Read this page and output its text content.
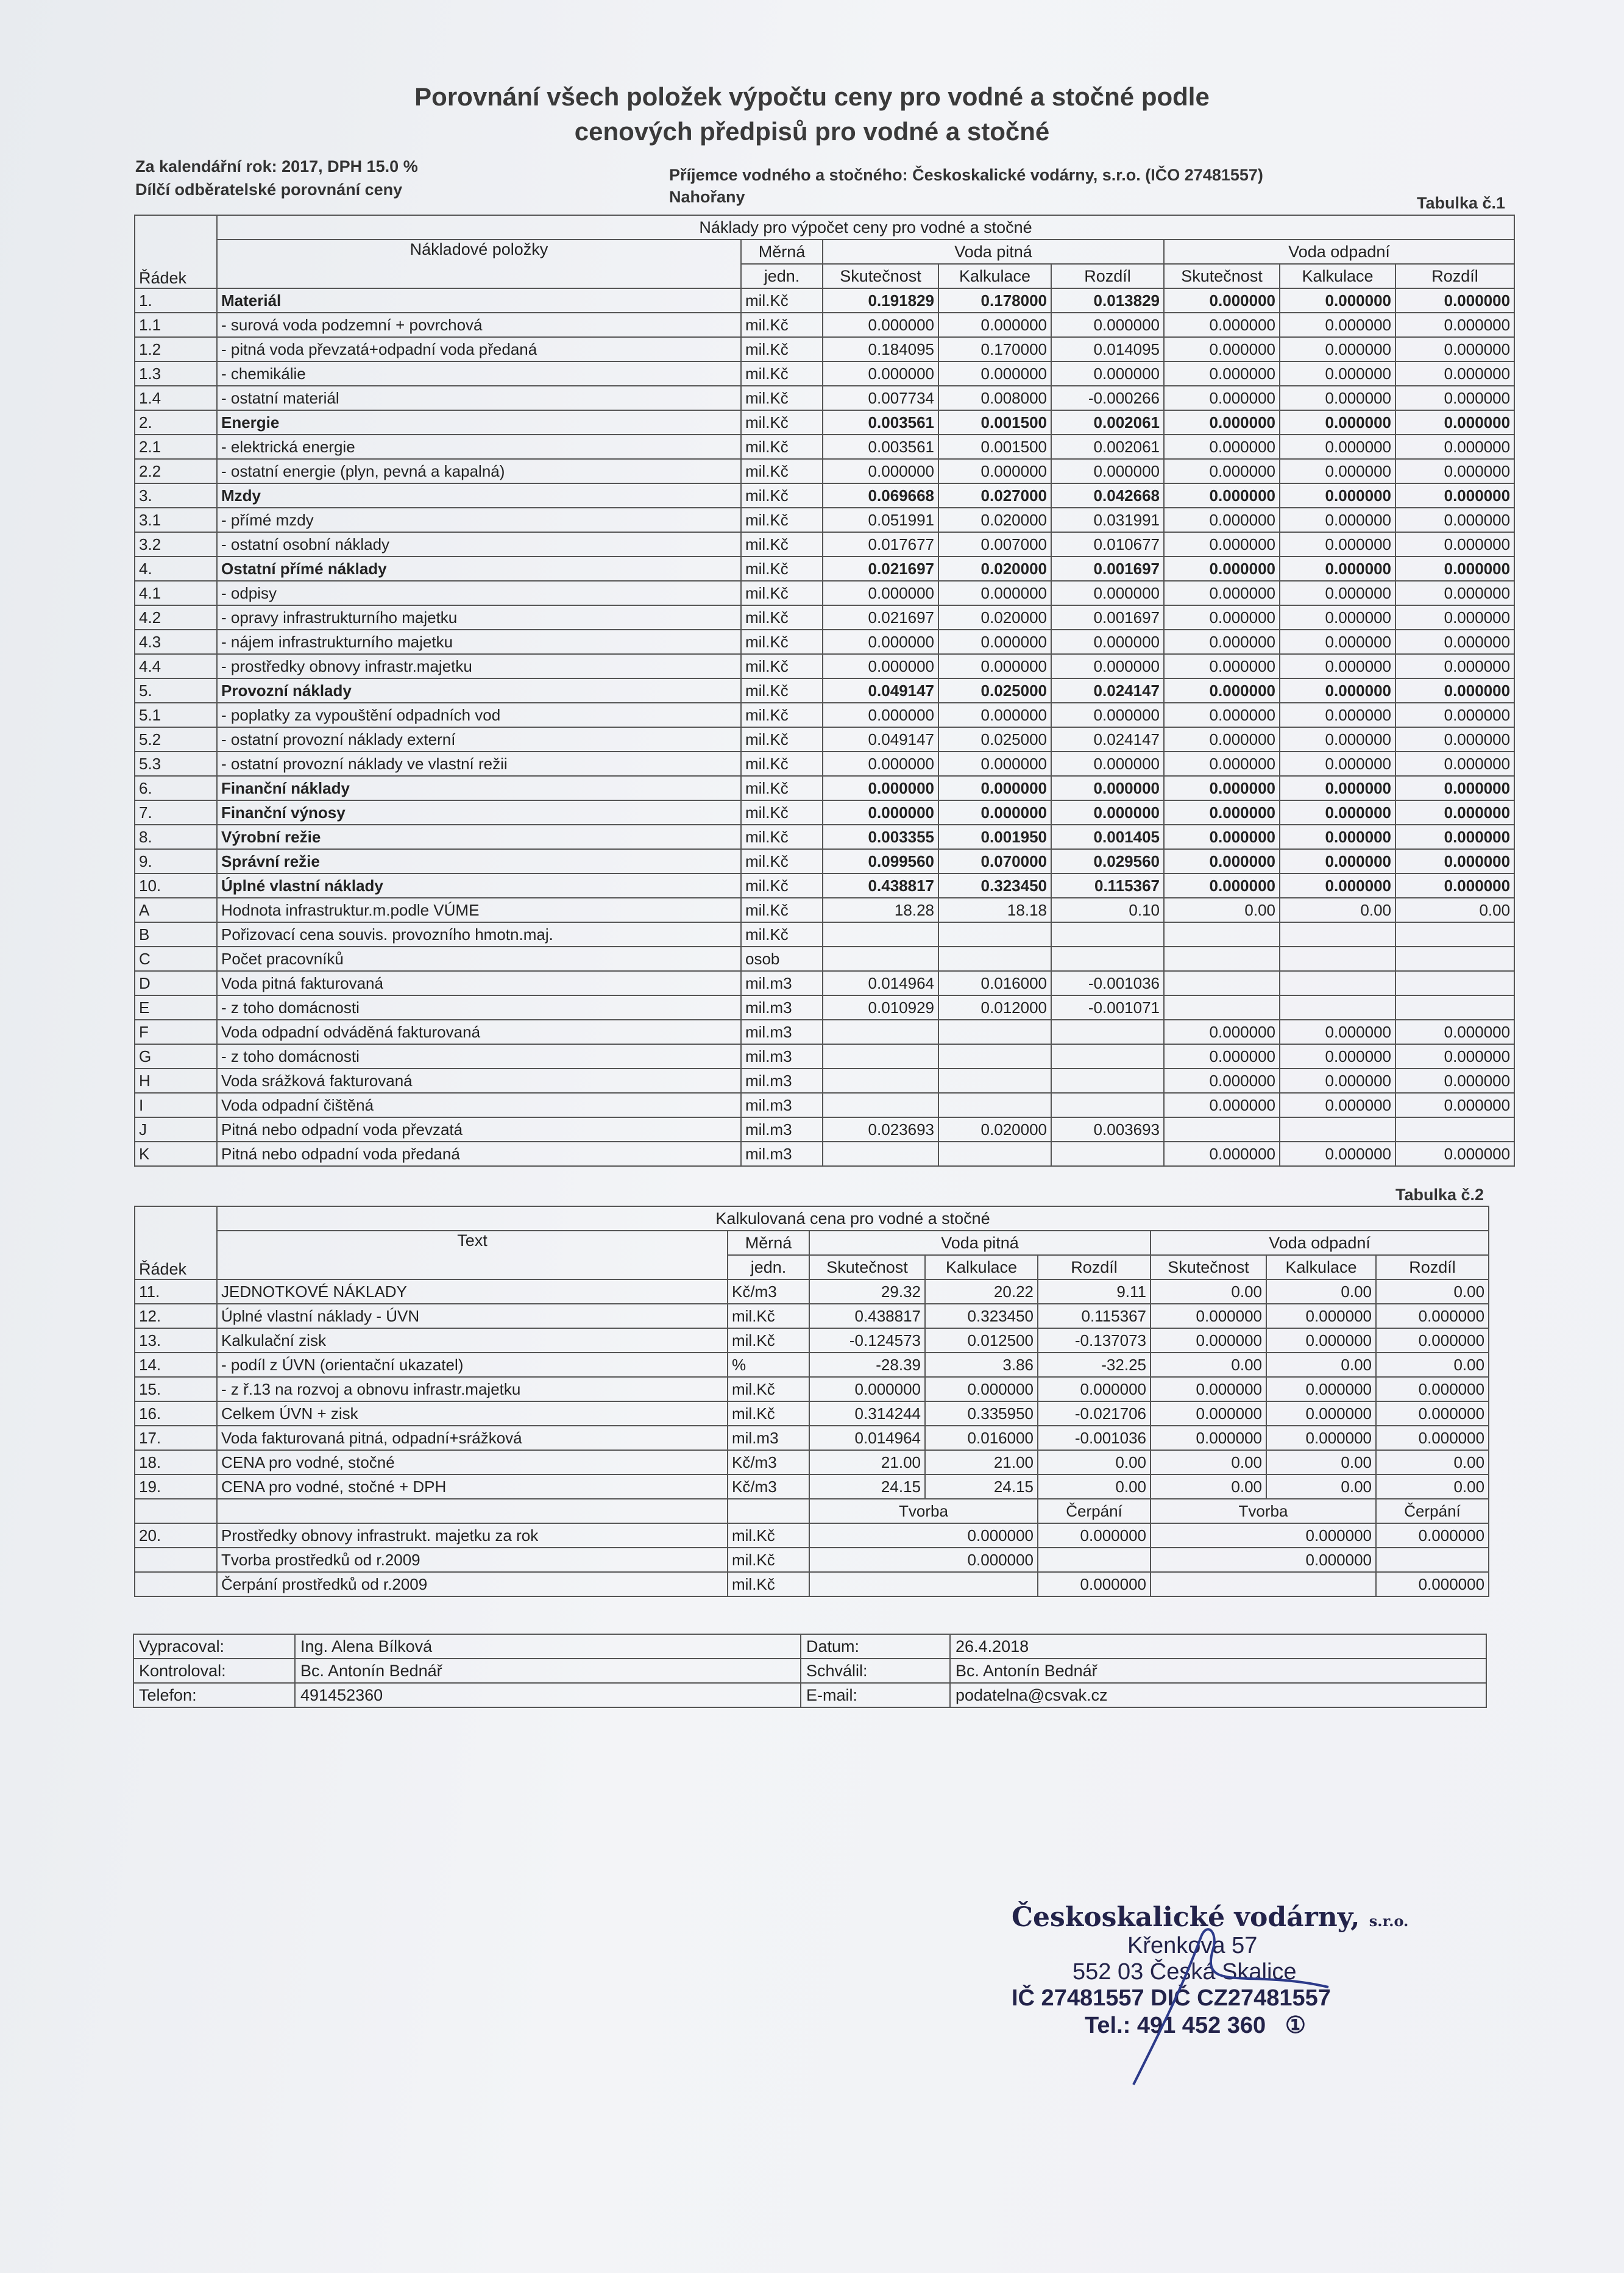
Porovnání všech položek výpočtu ceny pro vodné a stočné podle
cenových předpisů pro vodné a stočné
Za kalendářní rok: 2017, DPH 15.0 %
Dílčí odběratelské porovnání ceny
Příjemce vodného a stočného: Českoskalické vodárny, s.r.o. (IČO 27481557)
Nahořany	Tabulka č.1
Řádek	Náklady pro výpočet ceny pro vodné a stočné							
	Nákladové položky	Měrná	Voda pitná			Voda odpadní		
		jedn.	Skutečnost	Kalkulace	Rozdíl	Skutečnost	Kalkulace	Rozdíl
1.	Materiál	mil.Kč	0.191829	0.178000	0.013829	0.000000	0.000000	0.000000
1.1	- surová voda podzemní + povrchová	mil.Kč	0.000000	0.000000	0.000000	0.000000	0.000000	0.000000
1.2	- pitná voda převzatá+odpadní voda předaná	mil.Kč	0.184095	0.170000	0.014095	0.000000	0.000000	0.000000
1.3	- chemikálie	mil.Kč	0.000000	0.000000	0.000000	0.000000	0.000000	0.000000
1.4	- ostatní materiál	mil.Kč	0.007734	0.008000	-0.000266	0.000000	0.000000	0.000000
2.	Energie	mil.Kč	0.003561	0.001500	0.002061	0.000000	0.000000	0.000000
2.1	- elektrická energie	mil.Kč	0.003561	0.001500	0.002061	0.000000	0.000000	0.000000
2.2	- ostatní energie (plyn, pevná a kapalná)	mil.Kč	0.000000	0.000000	0.000000	0.000000	0.000000	0.000000
3.	Mzdy	mil.Kč	0.069668	0.027000	0.042668	0.000000	0.000000	0.000000
3.1	- přímé mzdy	mil.Kč	0.051991	0.020000	0.031991	0.000000	0.000000	0.000000
3.2	- ostatní osobní náklady	mil.Kč	0.017677	0.007000	0.010677	0.000000	0.000000	0.000000
4.	Ostatní přímé náklady	mil.Kč	0.021697	0.020000	0.001697	0.000000	0.000000	0.000000
4.1	- odpisy	mil.Kč	0.000000	0.000000	0.000000	0.000000	0.000000	0.000000
4.2	- opravy infrastrukturního majetku	mil.Kč	0.021697	0.020000	0.001697	0.000000	0.000000	0.000000
4.3	- nájem infrastrukturního majetku	mil.Kč	0.000000	0.000000	0.000000	0.000000	0.000000	0.000000
4.4	- prostředky obnovy infrastr.majetku	mil.Kč	0.000000	0.000000	0.000000	0.000000	0.000000	0.000000
5.	Provozní náklady	mil.Kč	0.049147	0.025000	0.024147	0.000000	0.000000	0.000000
5.1	- poplatky za vypouštění odpadních vod	mil.Kč	0.000000	0.000000	0.000000	0.000000	0.000000	0.000000
5.2	- ostatní provozní náklady externí	mil.Kč	0.049147	0.025000	0.024147	0.000000	0.000000	0.000000
5.3	- ostatní provozní náklady ve vlastní režii	mil.Kč	0.000000	0.000000	0.000000	0.000000	0.000000	0.000000
6.	Finanční náklady	mil.Kč	0.000000	0.000000	0.000000	0.000000	0.000000	0.000000
7.	Finanční výnosy	mil.Kč	0.000000	0.000000	0.000000	0.000000	0.000000	0.000000
8.	Výrobní režie	mil.Kč	0.003355	0.001950	0.001405	0.000000	0.000000	0.000000
9.	Správní režie	mil.Kč	0.099560	0.070000	0.029560	0.000000	0.000000	0.000000
10.	Úplné vlastní náklady	mil.Kč	0.438817	0.323450	0.115367	0.000000	0.000000	0.000000
A	Hodnota infrastruktur.m.podle VÚME	mil.Kč	18.28	18.18	0.10	0.00	0.00	0.00
B	Pořizovací cena souvis. provozního hmotn.maj.	mil.Kč						
C	Počet pracovníků	osob						
D	Voda pitná fakturovaná	mil.m3	0.014964	0.016000	-0.001036			
E	- z toho domácnosti	mil.m3	0.010929	0.012000	-0.001071			
F	Voda odpadní odváděná fakturovaná	mil.m3				0.000000	0.000000	0.000000
G	- z toho domácnosti	mil.m3				0.000000	0.000000	0.000000
H	Voda srážková fakturovaná	mil.m3				0.000000	0.000000	0.000000
I	Voda odpadní čištěná	mil.m3				0.000000	0.000000	0.000000
J	Pitná nebo odpadní voda převzatá	mil.m3	0.023693	0.020000	0.003693			
K	Pitná nebo odpadní voda předaná	mil.m3				0.000000	0.000000	0.000000
Tabulka č.2
Řádek	Kalkulovaná cena pro vodné a stočné							
	Text	Měrná	Voda pitná			Voda odpadní		
		jedn.	Skutečnost	Kalkulace	Rozdíl	Skutečnost	Kalkulace	Rozdíl
11.	JEDNOTKOVÉ NÁKLADY	Kč/m3	29.32	20.22	9.11	0.00	0.00	0.00
12.	Úplné vlastní náklady - ÚVN	mil.Kč	0.438817	0.323450	0.115367	0.000000	0.000000	0.000000
13.	Kalkulační zisk	mil.Kč	-0.124573	0.012500	-0.137073	0.000000	0.000000	0.000000
14.	- podíl z ÚVN (orientační ukazatel)	%	-28.39	3.86	-32.25	0.00	0.00	0.00
15.	- z ř.13 na rozvoj a obnovu infrastr.majetku	mil.Kč	0.000000	0.000000	0.000000	0.000000	0.000000	0.000000
16.	Celkem ÚVN + zisk	mil.Kč	0.314244	0.335950	-0.021706	0.000000	0.000000	0.000000
17.	Voda fakturovaná pitná, odpadní+srážková	mil.m3	0.014964	0.016000	-0.001036	0.000000	0.000000	0.000000
18.	CENA pro vodné, stočné	Kč/m3	21.00	21.00	0.00	0.00	0.00	0.00
19.	CENA pro vodné, stočné + DPH	Kč/m3	24.15	24.15	0.00	0.00	0.00	0.00
			Tvorba		Čerpání	Tvorba		Čerpání
20.	Prostředky obnovy infrastrukt. majetku za rok	mil.Kč	0.000000		0.000000	0.000000		0.000000
	Tvorba prostředků od r.2009	mil.Kč	0.000000			0.000000		
	Čerpání prostředků od r.2009	mil.Kč			0.000000			0.000000
Vypracoval:	Ing. Alena Bílková	Datum:	26.4.2018
Kontroloval:	Bc. Antonín Bednář	Schválil:	Bc. Antonín Bednář
Telefon:	491452360	E-mail:	podatelna@csvak.cz
Českoskalické vodárny, s.r.o.
Křenkova 57
552 03 Česká Skalice
IČ 27481557 DIČ CZ27481557
Tel.: 491 452 360 ①
